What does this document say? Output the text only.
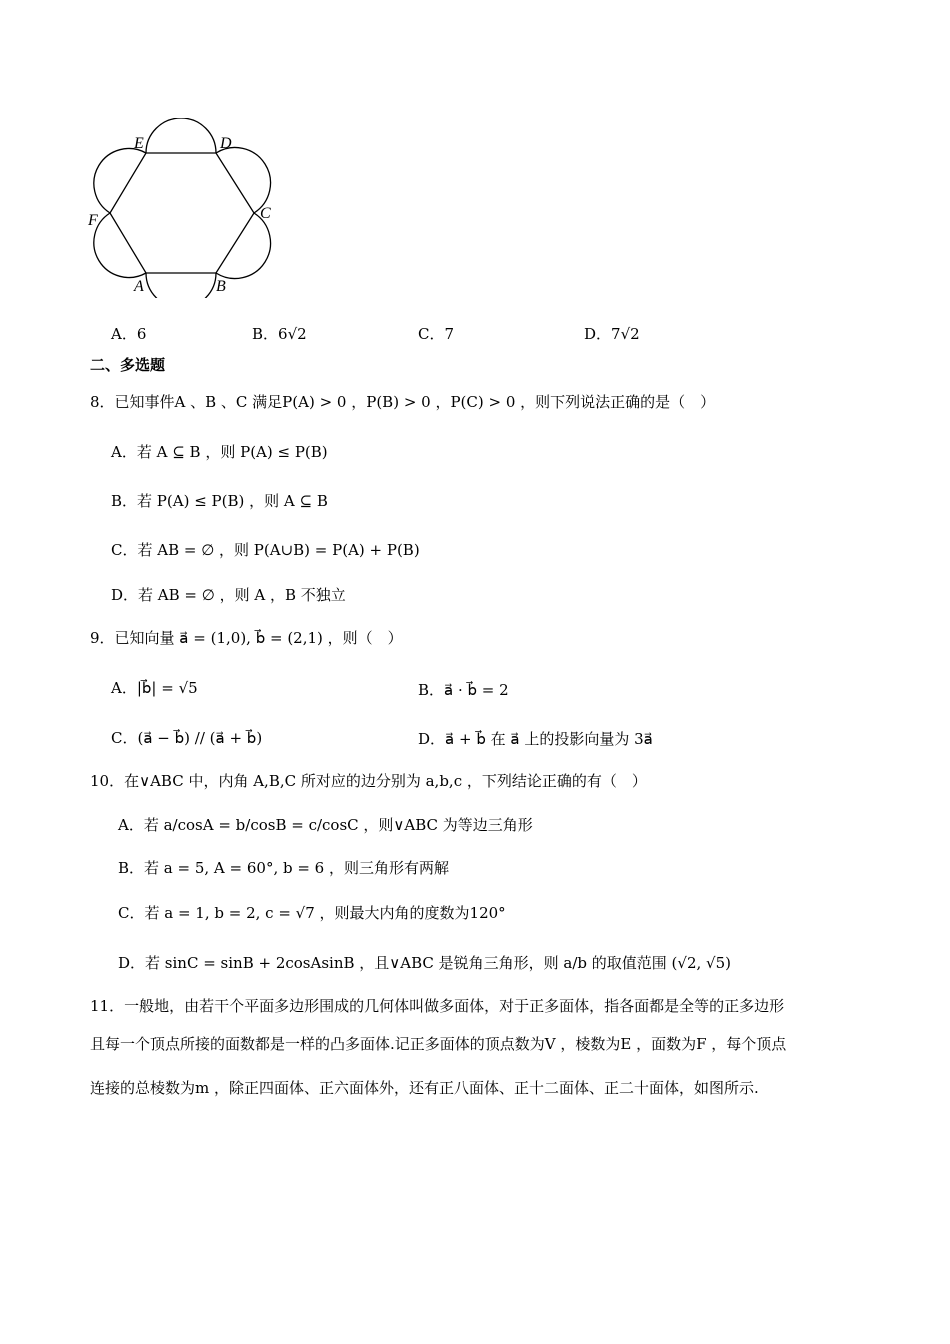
A	B
C
D
E
F
A．6	B．6√2	C．7	D．7√2
二、多选题
8．已知事件A 、B 、C 满足P(A) > 0 ，P(B) > 0 ，P(C) > 0 ，则下列说法正确的是（　）
A．若 A ⊆ B ，则 P(A) ≤ P(B)
B．若 P(A) ≤ P(B) ，则 A ⊆ B
C．若 AB = ∅ ，则 P(A∪B) = P(A) + P(B)
D．若 AB = ∅ ，则 A ，B 不独立
9．已知向量 a⃗ = (1,0), b⃗ = (2,1) ，则（　）
A．|b⃗| = √5	B．a⃗ · b⃗ = 2
C．(a⃗ − b⃗) // (a⃗ + b⃗)	D．a⃗ + b⃗ 在 a⃗ 上的投影向量为 3a⃗
10．在∨ABC 中，内角 A,B,C 所对应的边分别为 a,b,c ，下列结论正确的有（　）
A．若 a/cosA = b/cosB = c/cosC ，则∨ABC 为等边三角形
B．若 a = 5, A = 60°, b = 6 ，则三角形有两解
C．若 a = 1, b = 2, c = √7 ，则最大内角的度数为120°
D．若 sinC = sinB + 2cosAsinB ，且∨ABC 是锐角三角形，则 a/b 的取值范围 (√2, √5)
11．一般地，由若干个平面多边形围成的几何体叫做多面体，对于正多面体，指各面都是全等的正多边形
且每一个顶点所接的面数都是一样的凸多面体.记正多面体的顶点数为V ，棱数为E ，面数为F ，每个顶点
连接的总棱数为m ，除正四面体、正六面体外，还有正八面体、正十二面体、正二十面体，如图所示.
